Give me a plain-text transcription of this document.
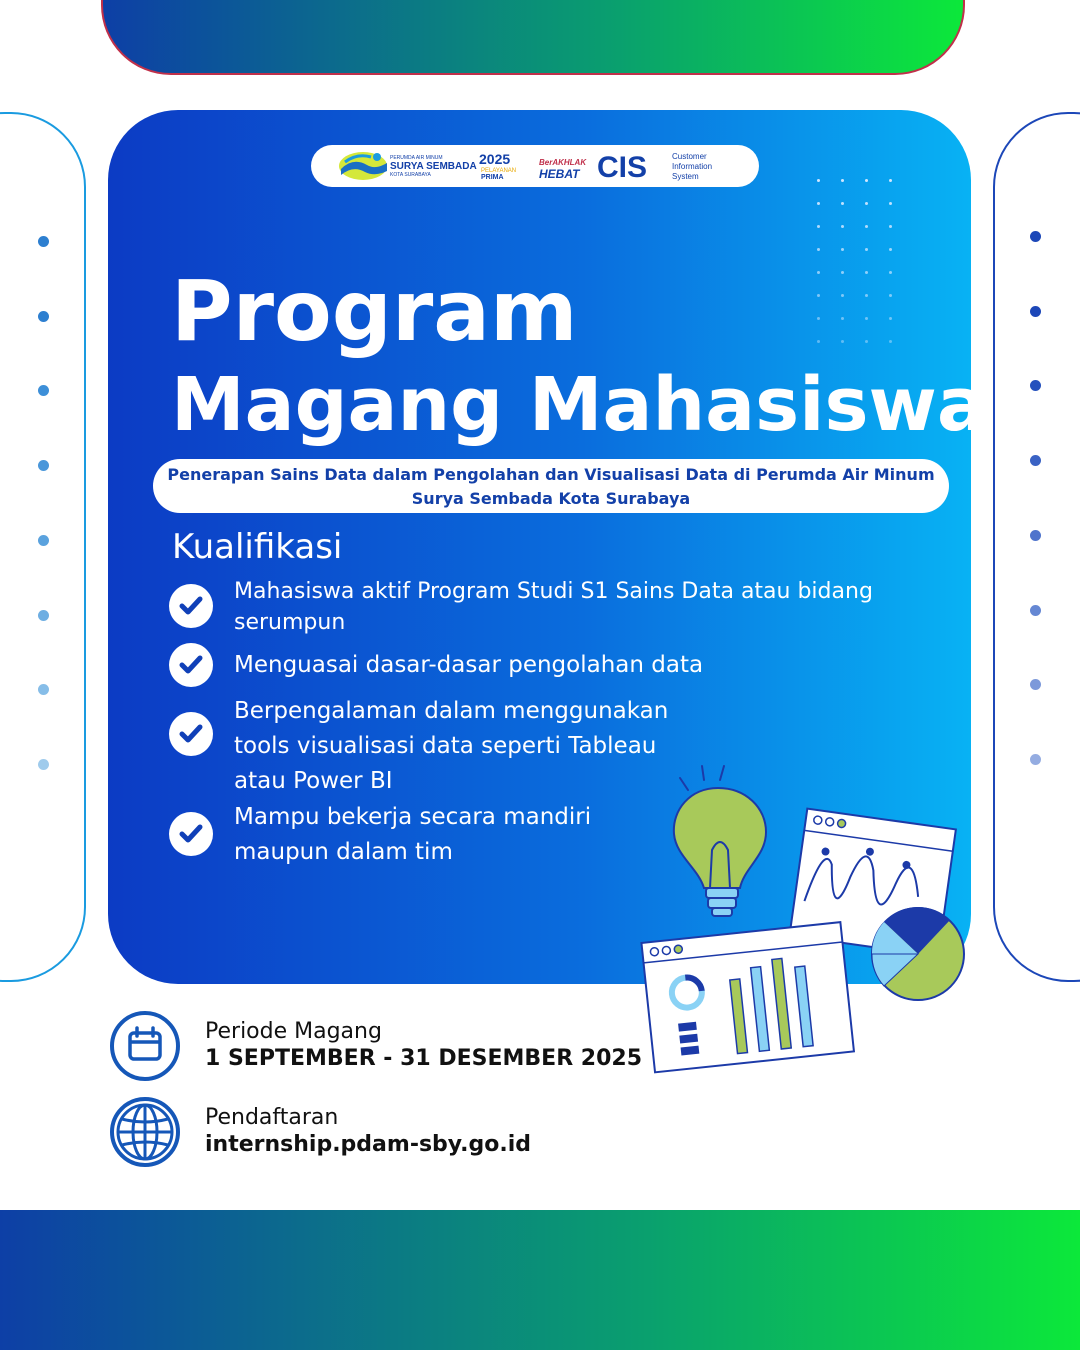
PERUMDA AIR MINUM
SURYA SEMBADA
KOTA SURABAYA
2025
PELAYANAN
PRIMA
BerAKHLAK
HEBAT CIS	Customer
Information
System
Program
Magang Mahasiswa
Penerapan Sains Data dalam Pengolahan dan Visualisasi Data di Perumda Air Minum
Surya Sembada Kota Surabaya
Kualifikasi
Mahasiswa aktif Program Studi S1 Sains Data atau bidang
serumpun
Menguasai dasar-dasar pengolahan data
Berpengalaman dalam menggunakan
tools visualisasi data seperti Tableau
atau Power BI
Mampu bekerja secara mandiri
maupun dalam tim
Periode Magang
1 SEPTEMBER - 31 DESEMBER 2025
Pendaftaran
internship.pdam-sby.go.id
